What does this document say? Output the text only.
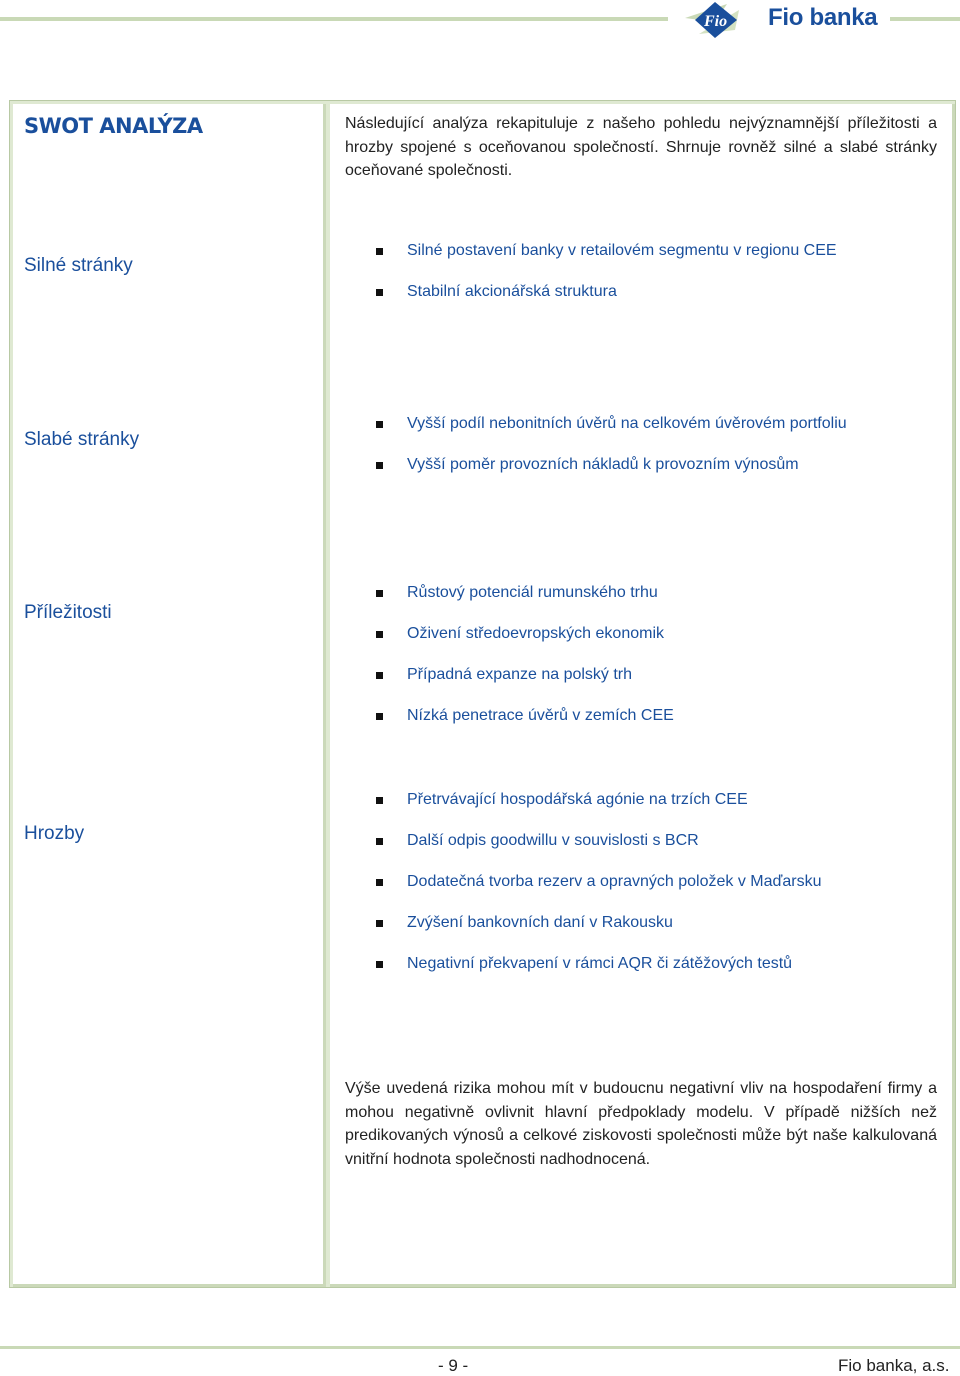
Fio Fio banka
SWOT ANALÝZA	Následující analýza rekapituluje z našeho pohledu nejvýznamnější příležitosti a hrozby spojené s oceňovanou společností. Shrnuje rovněž silné a slabé stránky oceňované společnosti.
Silné stránky
Silné postavení banky v retailovém segmentu v regionu CEE
Stabilní akcionářská struktura
Slabé stránky
Vyšší podíl nebonitních úvěrů na celkovém úvěrovém portfoliu
Vyšší poměr provozních nákladů k provozním výnosům
Příležitosti
Růstový potenciál rumunského trhu
Oživení středoevropských ekonomik
Případná expanze na polský trh
Nízká penetrace úvěrů v zemích CEE
Hrozby
Přetrvávající hospodářská agónie na trzích CEE
Další odpis goodwillu v souvislosti s BCR
Dodatečná tvorba rezerv a opravných položek v Maďarsku
Zvýšení bankovních daní v Rakousku
Negativní překvapení v rámci AQR či zátěžových testů
Výše uvedená rizika mohou mít v budoucnu negativní vliv na hospodaření firmy a mohou negativně ovlivnit hlavní předpoklady modelu. V případě nižších než predikovaných výnosů a celkové ziskovosti společnosti může být naše kalkulovaná vnitřní hodnota společnosti nadhodnocená.
- 9 -	Fio banka, a.s.
